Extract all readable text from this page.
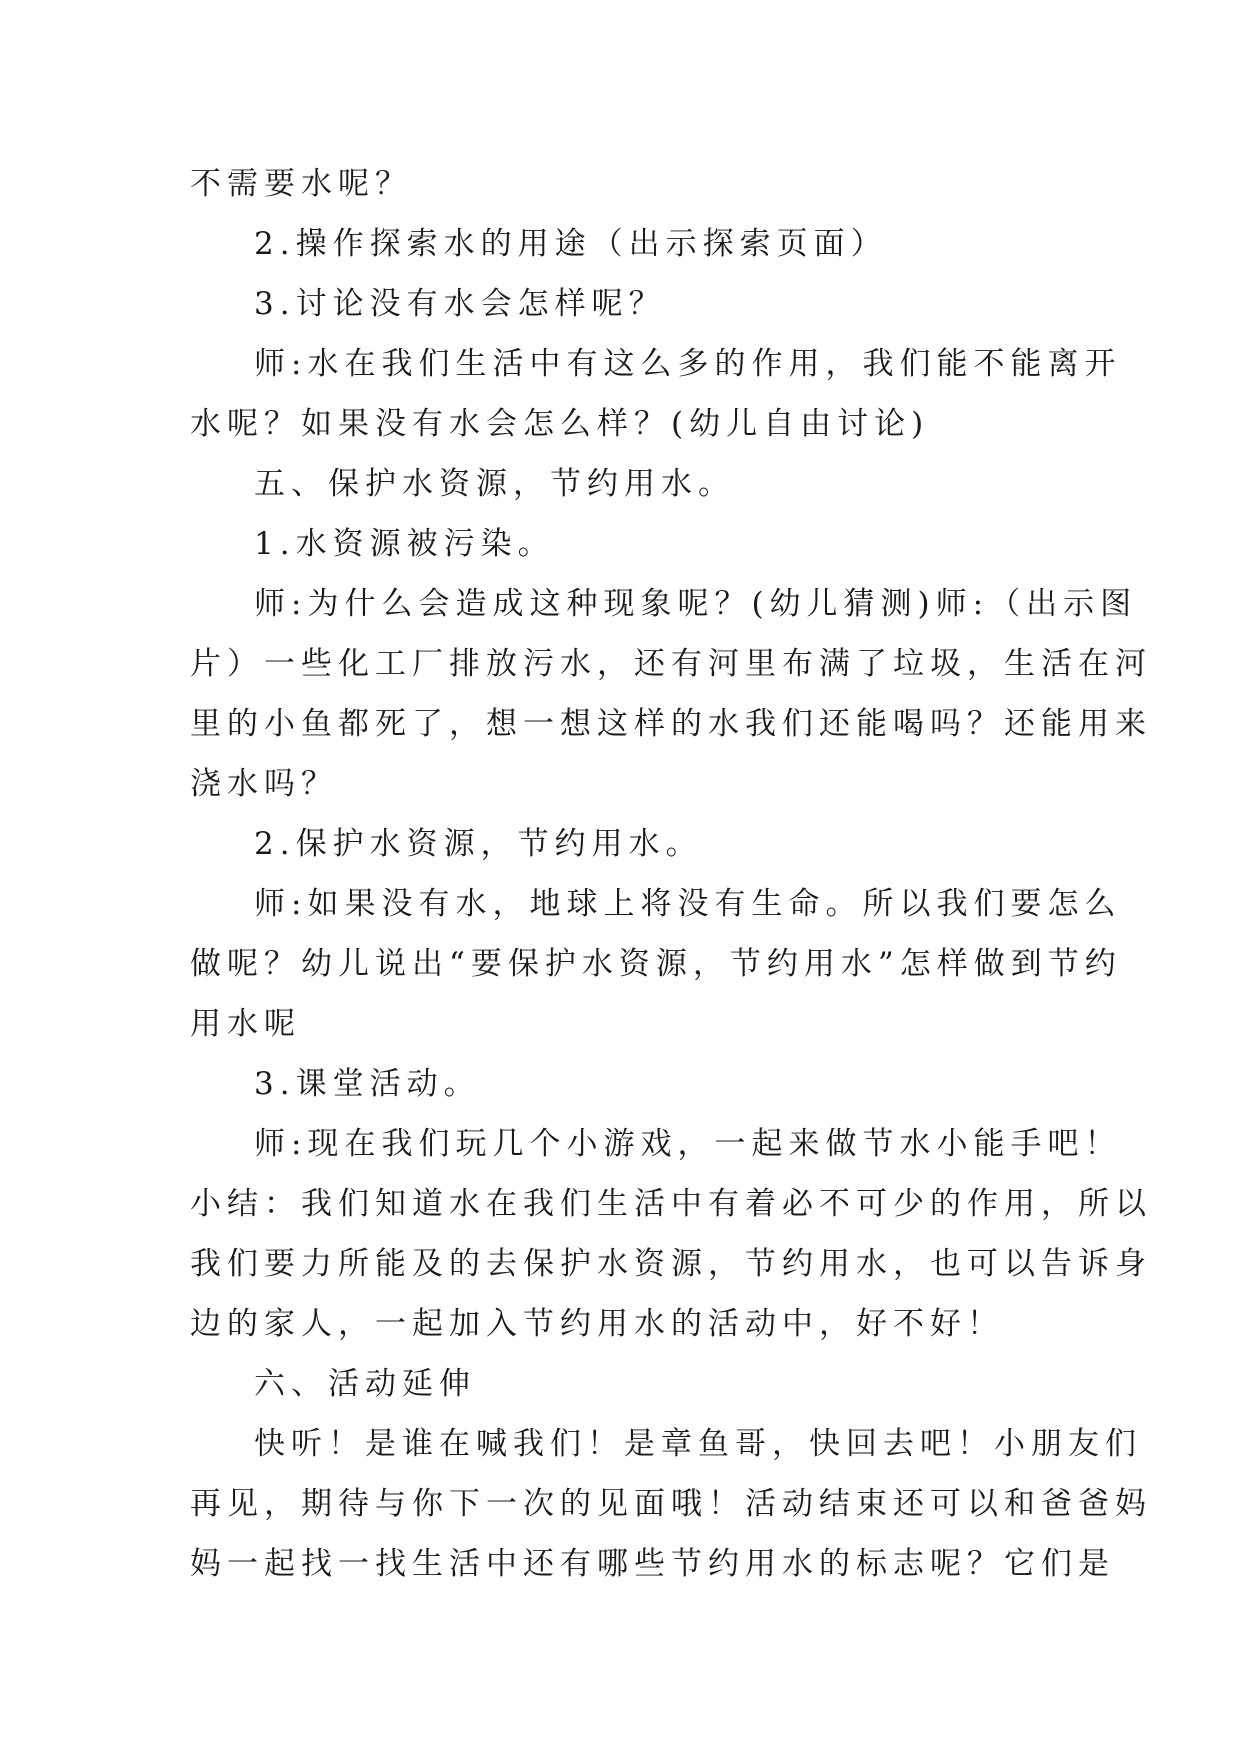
不需要水呢？
2.操作探索水的用途（出示探索页面）
3.讨论没有水会怎样呢？
师:水在我们生活中有这么多的作用，我们能不能离开
水呢？如果没有水会怎么样？(幼儿自由讨论)
五、保护水资源，节约用水。
1.水资源被污染。
师:为什么会造成这种现象呢？(幼儿猜测)师:（出示图
片）一些化工厂排放污水，还有河里布满了垃圾，生活在河
里的小鱼都死了，想一想这样的水我们还能喝吗？还能用来
浇水吗？
2.保护水资源，节约用水。
师:如果没有水，地球上将没有生命。所以我们要怎么
做呢？幼儿说出“要保护水资源，节约用水”怎样做到节约
用水呢
3.课堂活动。
师:现在我们玩几个小游戏，一起来做节水小能手吧！
小结：我们知道水在我们生活中有着必不可少的作用，所以
我们要力所能及的去保护水资源，节约用水，也可以告诉身
边的家人，一起加入节约用水的活动中，好不好！
六、活动延伸
快听！是谁在喊我们！是章鱼哥，快回去吧！小朋友们
再见，期待与你下一次的见面哦！活动结束还可以和爸爸妈
妈一起找一找生活中还有哪些节约用水的标志呢？它们是
